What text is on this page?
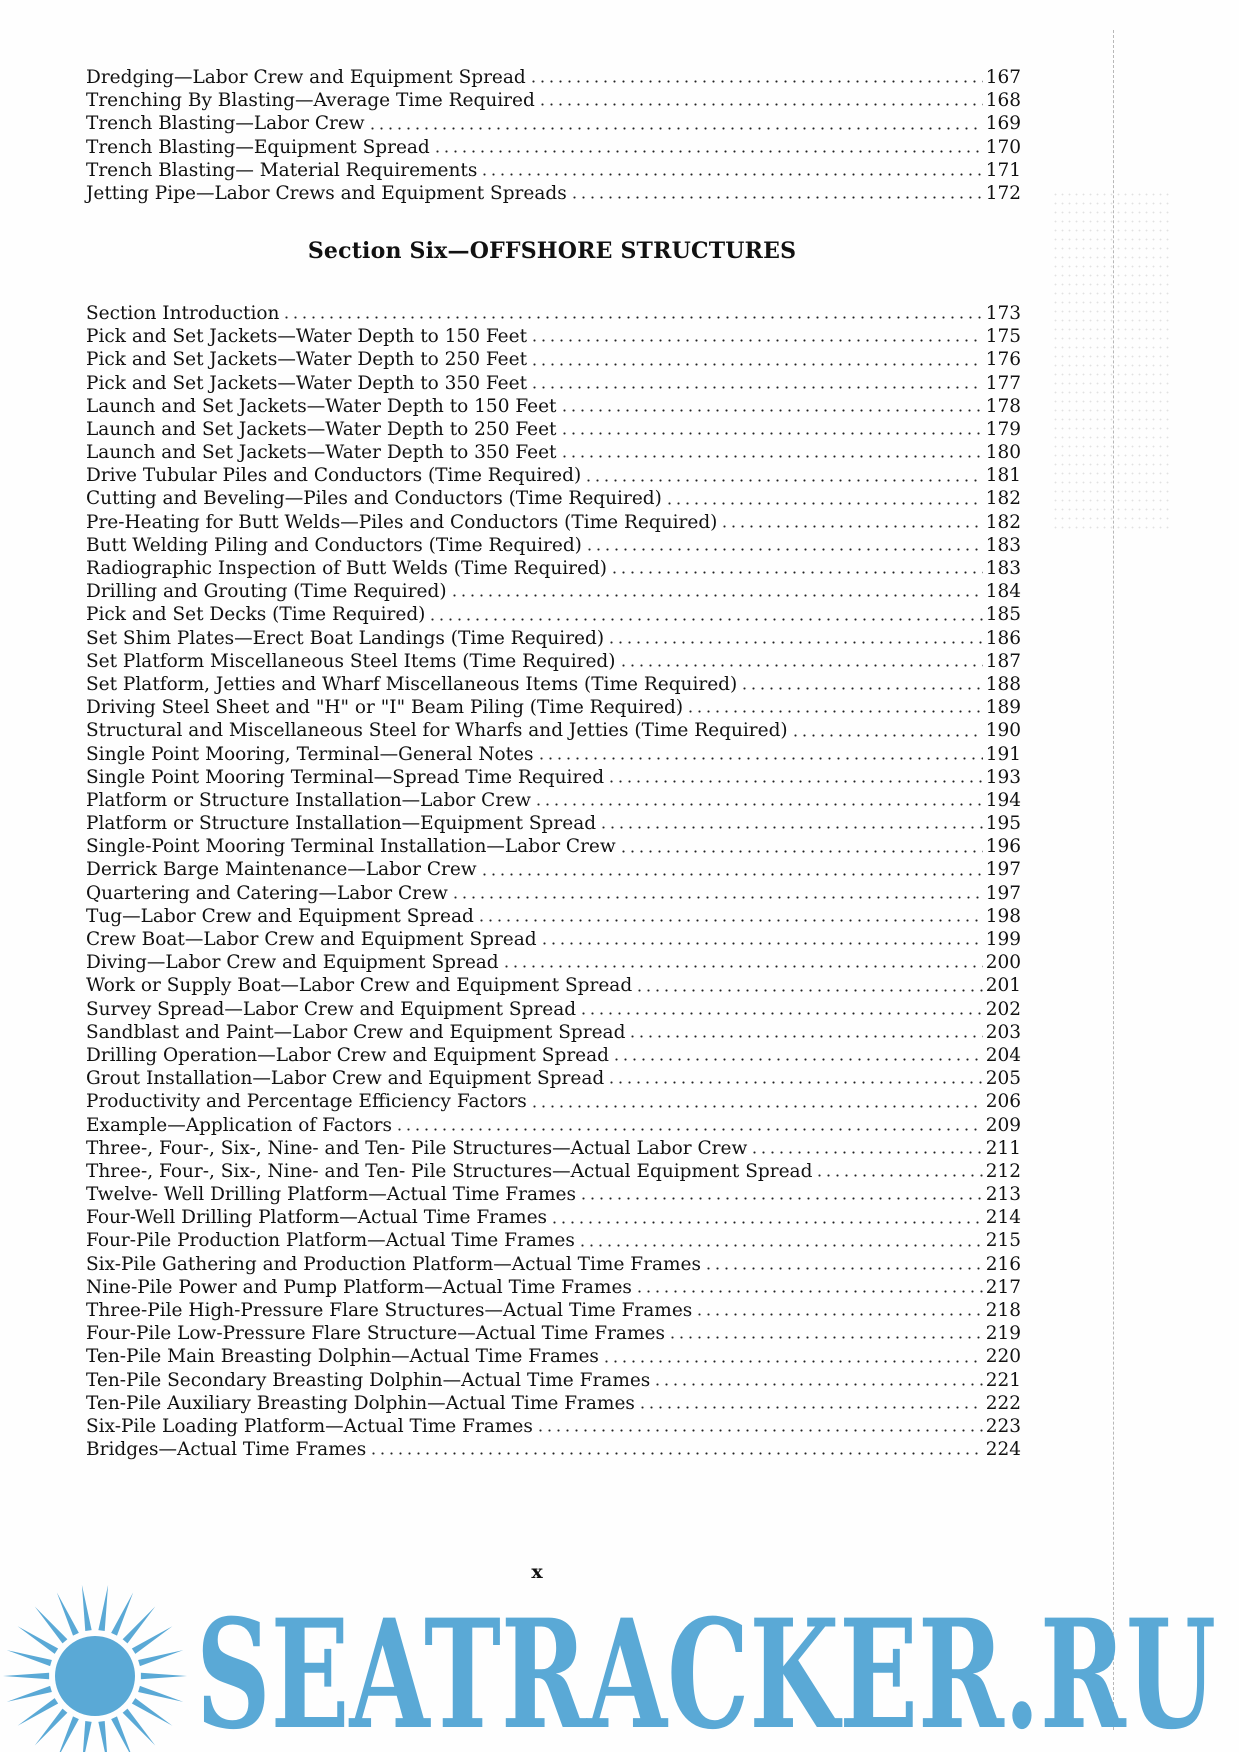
Dredging—Labor Crew and Equipment Spread	167
Trenching By Blasting—Average Time Required	168
Trench Blasting—Labor Crew	169
Trench Blasting—Equipment Spread	170
Trench Blasting— Material Requirements	171
Jetting Pipe—Labor Crews and Equipment Spreads	172
Section Six—OFFSHORE STRUCTURES
Section Introduction	173
Pick and Set Jackets—Water Depth to 150 Feet	175
Pick and Set Jackets—Water Depth to 250 Feet	176
Pick and Set Jackets—Water Depth to 350 Feet	177
Launch and Set Jackets—Water Depth to 150 Feet	178
Launch and Set Jackets—Water Depth to 250 Feet	179
Launch and Set Jackets—Water Depth to 350 Feet	180
Drive Tubular Piles and Conductors (Time Required)	181
Cutting and Beveling—Piles and Conductors (Time Required)	182
Pre-Heating for Butt Welds—Piles and Conductors (Time Required)	182
Butt Welding Piling and Conductors (Time Required)	183
Radiographic Inspection of Butt Welds (Time Required)	183
Drilling and Grouting (Time Required)	184
Pick and Set Decks (Time Required)	185
Set Shim Plates—Erect Boat Landings (Time Required)	186
Set Platform Miscellaneous Steel Items (Time Required)	187
Set Platform, Jetties and Wharf Miscellaneous Items (Time Required)	188
Driving Steel Sheet and "H" or "I" Beam Piling (Time Required)	189
Structural and Miscellaneous Steel for Wharfs and Jetties (Time Required)	190
Single Point Mooring, Terminal—General Notes	191
Single Point Mooring Terminal—Spread Time Required	193
Platform or Structure Installation—Labor Crew	194
Platform or Structure Installation—Equipment Spread	195
Single-Point Mooring Terminal Installation—Labor Crew	196
Derrick Barge Maintenance—Labor Crew	197
Quartering and Catering—Labor Crew	197
Tug—Labor Crew and Equipment Spread	198
Crew Boat—Labor Crew and Equipment Spread	199
Diving—Labor Crew and Equipment Spread	200
Work or Supply Boat—Labor Crew and Equipment Spread	201
Survey Spread—Labor Crew and Equipment Spread	202
Sandblast and Paint—Labor Crew and Equipment Spread	203
Drilling Operation—Labor Crew and Equipment Spread	204
Grout Installation—Labor Crew and Equipment Spread	205
Productivity and Percentage Efficiency Factors	206
Example—Application of Factors	209
Three-, Four-, Six-, Nine- and Ten- Pile Structures—Actual Labor Crew	211
Three-, Four-, Six-, Nine- and Ten- Pile Structures—Actual Equipment Spread	212
Twelve- Well Drilling Platform—Actual Time Frames	213
Four-Well Drilling Platform—Actual Time Frames	214
Four-Pile Production Platform—Actual Time Frames	215
Six-Pile Gathering and Production Platform—Actual Time Frames	216
Nine-Pile Power and Pump Platform—Actual Time Frames	217
Three-Pile High-Pressure Flare Structures—Actual Time Frames	218
Four-Pile Low-Pressure Flare Structure—Actual Time Frames	219
Ten-Pile Main Breasting Dolphin—Actual Time Frames	220
Ten-Pile Secondary Breasting Dolphin—Actual Time Frames	221
Ten-Pile Auxiliary Breasting Dolphin—Actual Time Frames	222
Six-Pile Loading Platform—Actual Time Frames	223
Bridges—Actual Time Frames	224
x
SEATRACKER.RU
